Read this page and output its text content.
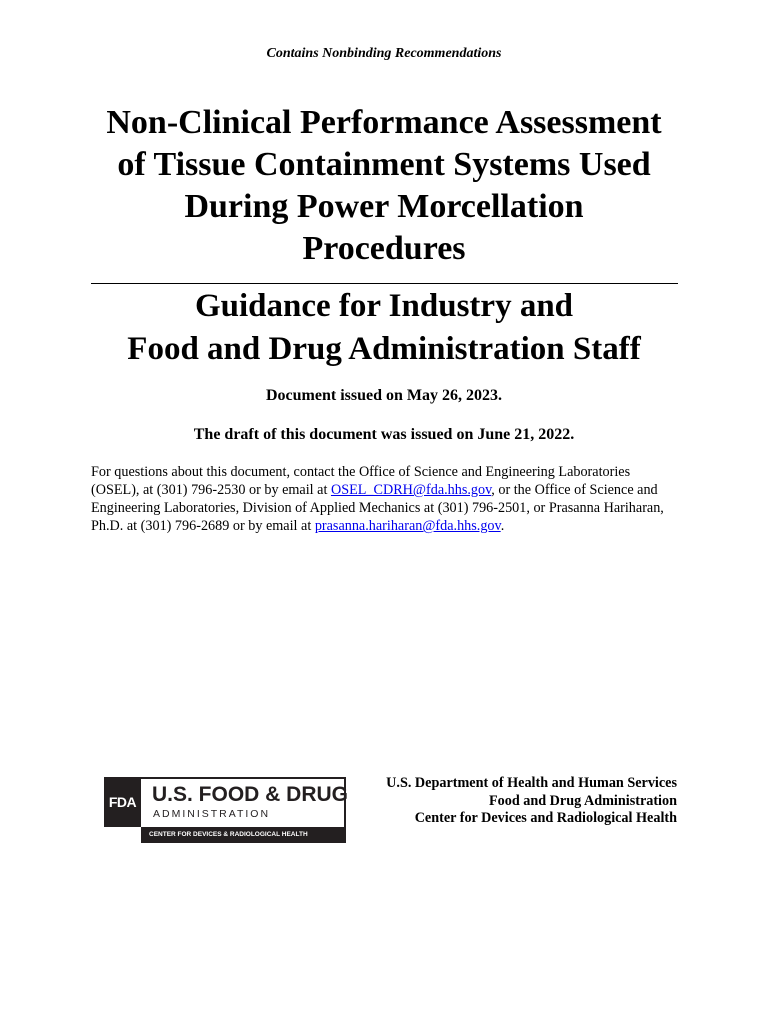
Contains Nonbinding Recommendations
Non-Clinical Performance Assessment
of Tissue Containment Systems Used
During Power Morcellation
Procedures
Guidance for Industry and
Food and Drug Administration Staff
Document issued on May 26, 2023.
The draft of this document was issued on June 21, 2022.

For questions about this document, contact the Office of Science and Engineering Laboratories (OSEL), at (301) 796-2530 or by email at OSEL_CDRH@fda.hhs.gov, or the Office of Science and Engineering Laboratories, Division of Applied Mechanics at (301) 796-2501, or Prasanna Hariharan, Ph.D. at (301) 796-2689 or by email at prasanna.hariharan@fda.hhs.gov.

FDA U.S. FOOD & DRUG
ADMINISTRATION
CENTER FOR DEVICES & RADIOLOGICAL HEALTH
U.S. Department of Health and Human Services
Food and Drug Administration
Center for Devices and Radiological Health
